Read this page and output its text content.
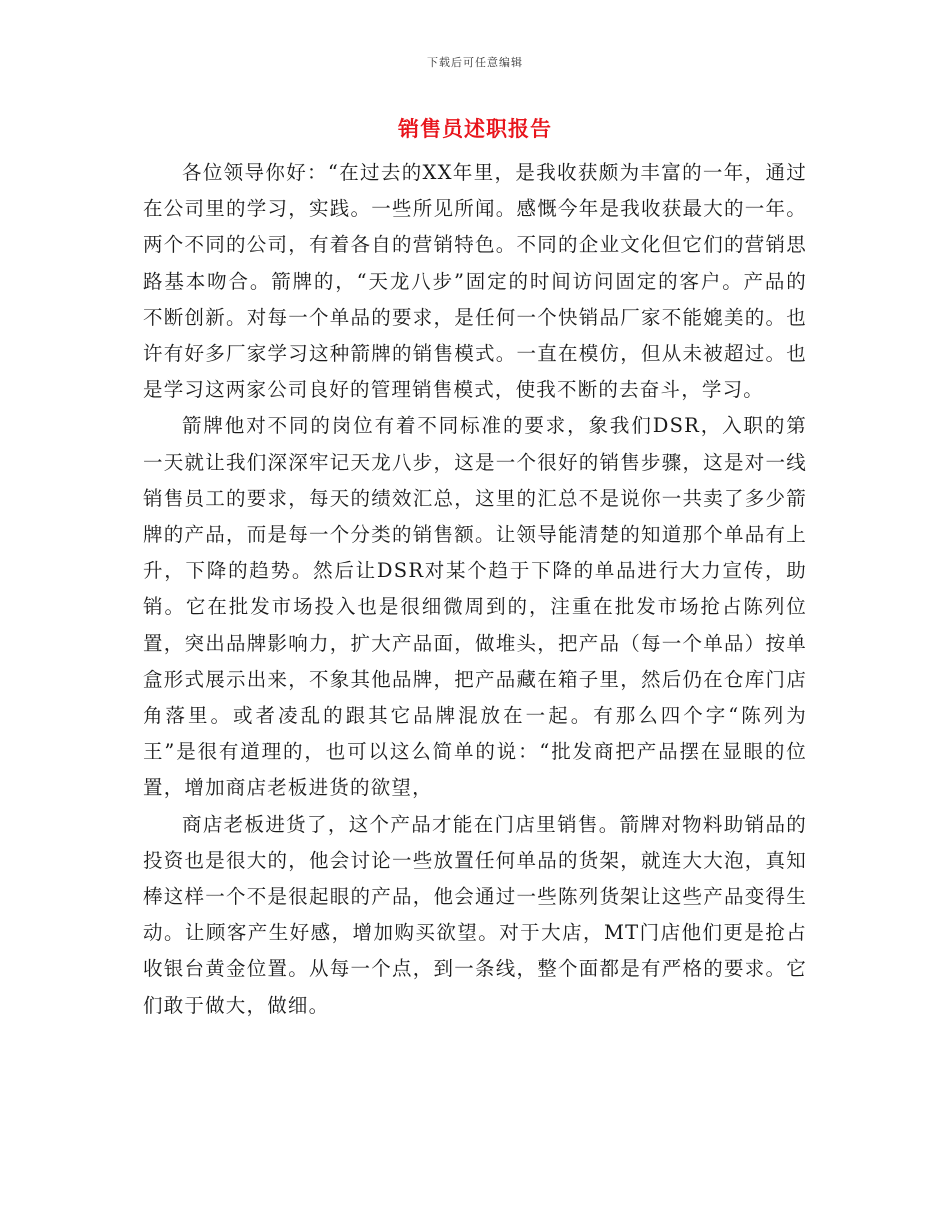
下载后可任意编辑
销售员述职报告

各位领导你好：“在过去的XX年里，是我收获颇为丰富的一年，通过在公司里的学习，实践。一些所见所闻。感慨今年是我收获最大的一年。两个不同的公司，有着各自的营销特色。不同的企业文化但它们的营销思路基本吻合。箭牌的，“天龙八步”固定的时间访问固定的客户。产品的不断创新。对每一个单品的要求，是任何一个快销品厂家不能媲美的。也许有好多厂家学习这种箭牌的销售模式。一直在模仿，但从未被超过。也是学习这两家公司良好的管理销售模式，使我不断的去奋斗，学习。

箭牌他对不同的岗位有着不同标准的要求，象我们DSR，入职的第一天就让我们深深牢记天龙八步，这是一个很好的销售步骤，这是对一线销售员工的要求，每天的绩效汇总，这里的汇总不是说你一共卖了多少箭牌的产品，而是每一个分类的销售额。让领导能清楚的知道那个单品有上升，下降的趋势。然后让DSR对某个趋于下降的单品进行大力宣传，助销。它在批发市场投入也是很细微周到的，注重在批发市场抢占陈列位置，突出品牌影响力，扩大产品面，做堆头，把产品（每一个单品）按单盒形式展示出来，不象其他品牌，把产品藏在箱子里，然后仍在仓库门店角落里。或者凌乱的跟其它品牌混放在一起。有那么四个字“陈列为王”是很有道理的，也可以这么简单的说：“批发商把产品摆在显眼的位置，增加商店老板进货的欲望，

商店老板进货了，这个产品才能在门店里销售。箭牌对物料助销品的投资也是很大的，他会讨论一些放置任何单品的货架，就连大大泡，真知棒这样一个不是很起眼的产品，他会通过一些陈列货架让这些产品变得生动。让顾客产生好感，增加购买欲望。对于大店，MT门店他们更是抢占收银台黄金位置。从每一个点，到一条线，整个面都是有严格的要求。它们敢于做大，做细。
